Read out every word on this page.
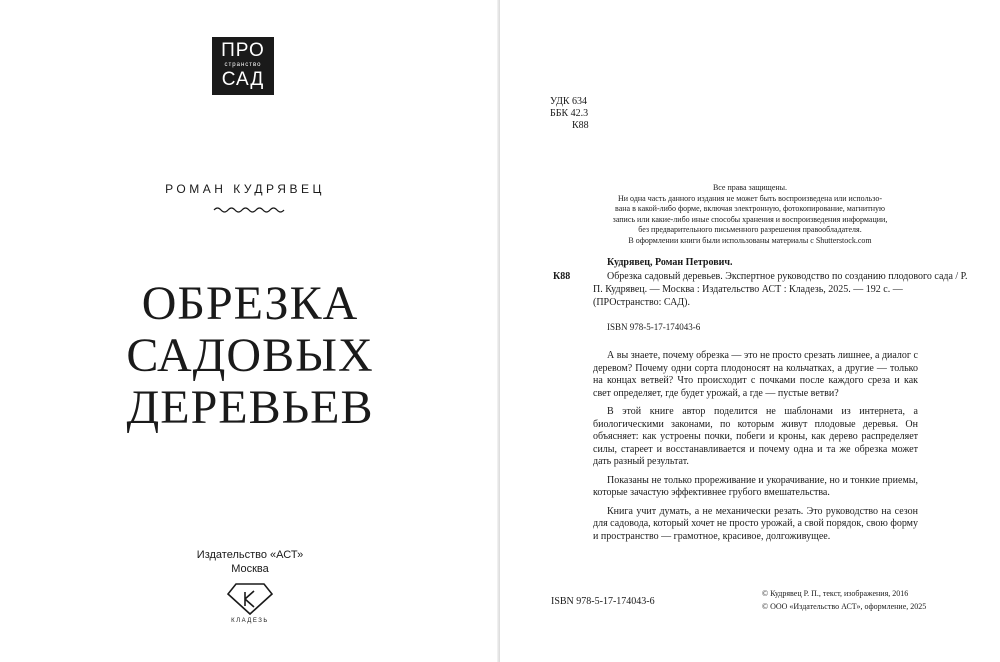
ПРО
странство
САД
РОМАН КУДРЯВЕЦ
ОБРЕЗКА
САДОВЫХ
ДЕРЕВЬЕВ
Издательство «АСТ»
Москва
КЛАДЕЗЬ
УДК 634
ББК 42.3
К88
Все права защищены.
Ни одна часть данного издания не может быть воспроизведена или использо-
вана в какой-либо форме, включая электронную, фотокопирование, магнитную
запись или какие-либо иные способы хранения и воспроизведения информации,
без предварительного письменного разрешения правообладателя.
В оформлении книги были использованы материалы с Shutterstock.com
Кудрявец, Роман Петрович.
К88	Обрезка садовый деревьев. Экспертное руководство по созданию плодового сада / Р. П. Кудрявец. — Москва : Издательство АСТ : Кладезь, 2025. — 192 с. — (ПРОстранство: САД).
ISBN 978-5-17-174043-6

А вы знаете, почему обрезка — это не просто срезать лишнее, а диалог с деревом? Почему одни сорта плодоносят на кольчатках, а другие — только на концах ветвей? Что происходит с почками после каждого среза и как свет определяет, где будет урожай, а где — пустые ветви?

В этой книге автор поделится не шаблонами из интернета, а биологическими законами, по которым живут плодовые деревья. Он объясняет: как устроены почки, побеги и кроны, как дерево распределяет силы, стареет и восстанавливается и почему одна и та же обрезка может дать разный результат.

Показаны не только прореживание и укорачивание, но и тонкие приемы, которые зачастую эффективнее грубого вмешательства.

Книга учит думать, а не механически резать. Это руководство на сезон для садовода, который хочет не просто урожай, а свой порядок, свою форму и пространство — грамотное, красивое, долгоживущее.

ISBN 978-5-17-174043-6
© Кудрявец Р. П., текст, изображения, 2016
© ООО «Издательство АСТ», оформление, 2025
